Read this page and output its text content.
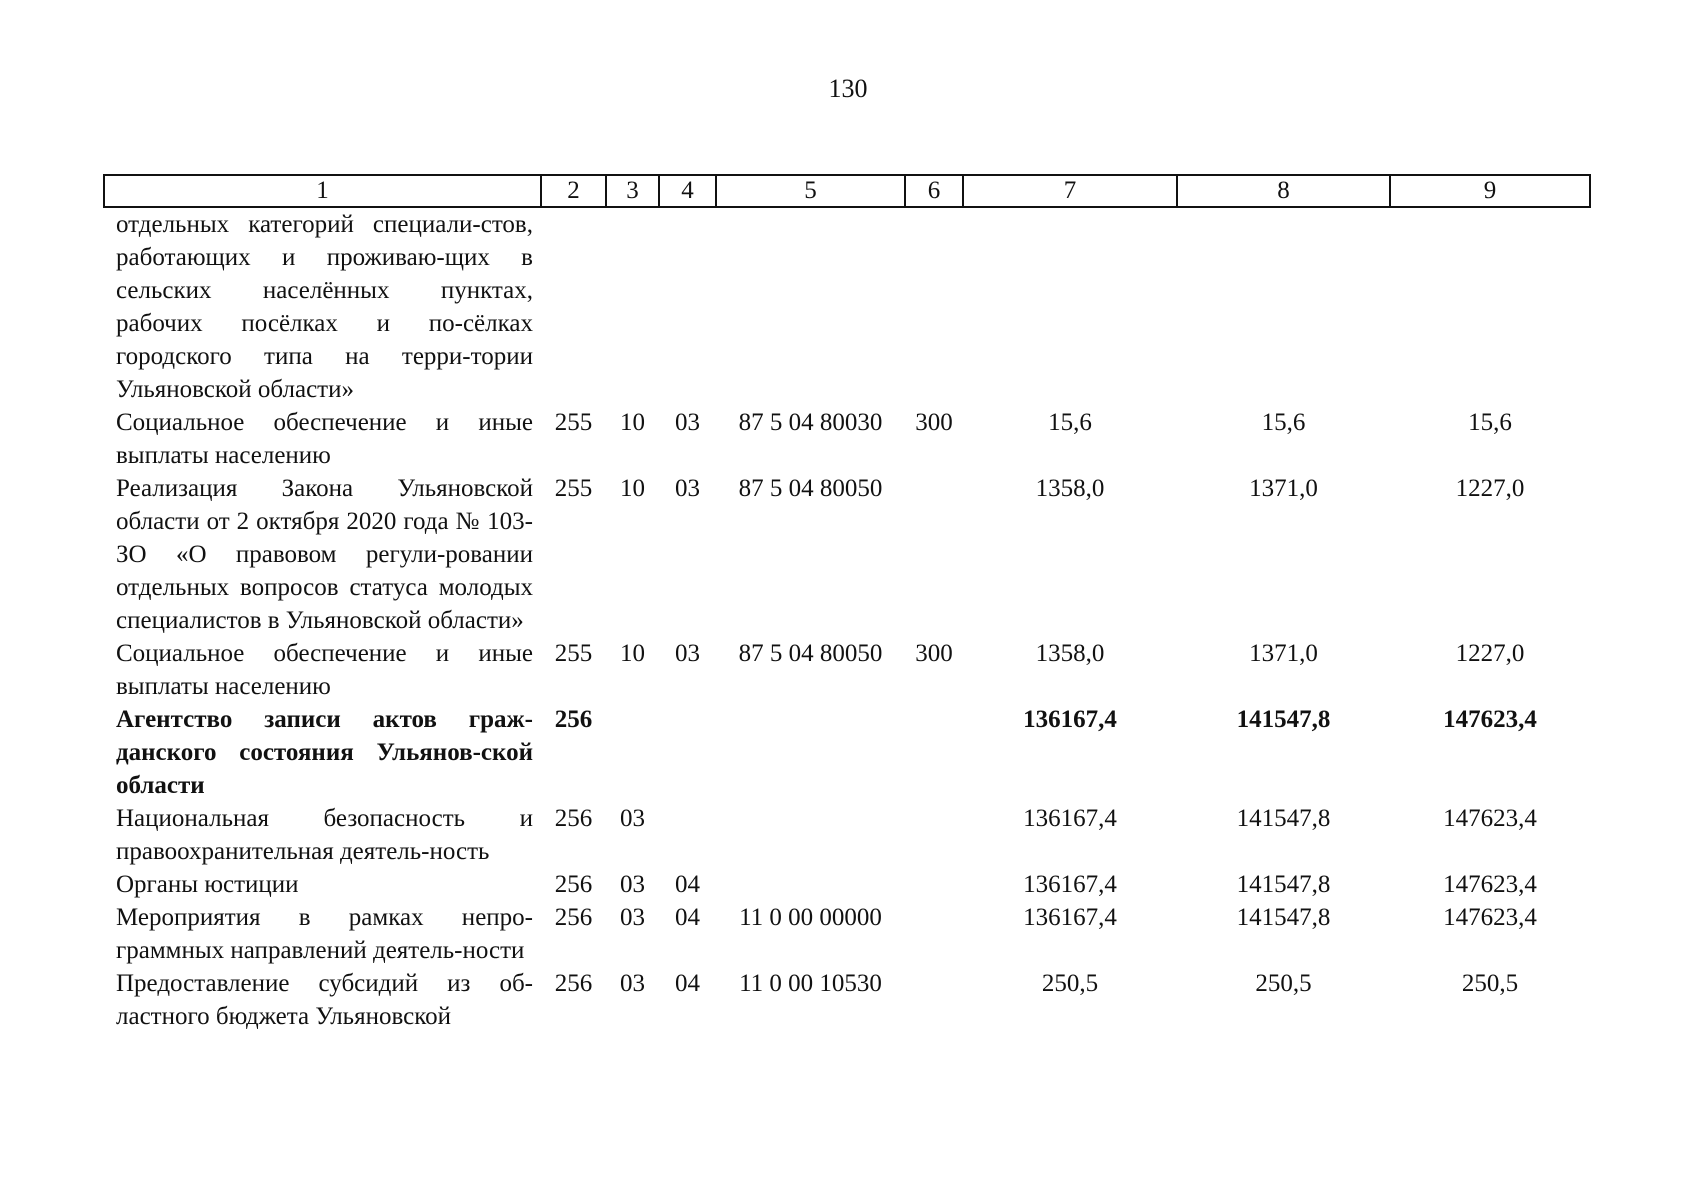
130
1	2	3	4	5	6	7	8	9
отдельных категорий специали-стов, работающих и проживаю-щих в сельских населённых пунктах, рабочих посёлках и по-сёлках городского типа на терри-тории Ульяновской области»								
Социальное обеспечение и иные выплаты населению	255	10	03	87 5 04 80030	300	15,6	15,6	15,6
Реализация Закона Ульяновской области от 2 октября 2020 года № 103-ЗО «О правовом регули-ровании отдельных вопросов статуса молодых специалистов в Ульяновской области»	255	10	03	87 5 04 80050		1358,0	1371,0	1227,0
Социальное обеспечение и иные выплаты населению	255	10	03	87 5 04 80050	300	1358,0	1371,0	1227,0
Агентство записи актов граж-данского состояния Ульянов-ской области	256					136167,4	141547,8	147623,4
Национальная безопасность и правоохранительная деятель-ность	256	03				136167,4	141547,8	147623,4
Органы юстиции	256	03	04			136167,4	141547,8	147623,4
Мероприятия в рамках непро-граммных направлений деятель-ности	256	03	04	11 0 00 00000		136167,4	141547,8	147623,4
Предоставление субсидий из об-ластного бюджета Ульяновской	256	03	04	11 0 00 10530		250,5	250,5	250,5
